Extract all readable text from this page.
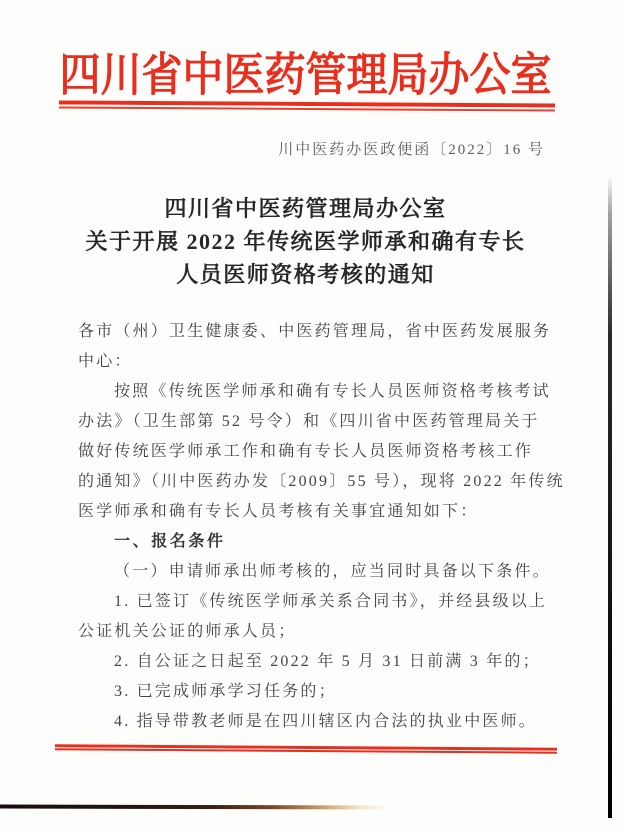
四川省中医药管理局办公室
川中医药办医政便函〔2022〕16 号
四川省中医药管理局办公室
关于开展 2022 年传统医学师承和确有专长
人员医师资格考核的通知
各市（州）卫生健康委、中医药管理局，省中医药发展服务
中心：
按照《传统医学师承和确有专长人员医师资格考核考试
办法》（卫生部第 52 号令）和《四川省中医药管理局关于
做好传统医学师承工作和确有专长人员医师资格考核工作
的通知》（川中医药办发〔2009〕55 号），现将 2022 年传统
医学师承和确有专长人员考核有关事宜通知如下：
一、报名条件
（一）申请师承出师考核的，应当同时具备以下条件。
1. 已签订《传统医学师承关系合同书》，并经县级以上
公证机关公证的师承人员；
2. 自公证之日起至 2022 年 5 月 31 日前满 3 年的；
3. 已完成师承学习任务的；
4. 指导带教老师是在四川辖区内合法的执业中医师。
